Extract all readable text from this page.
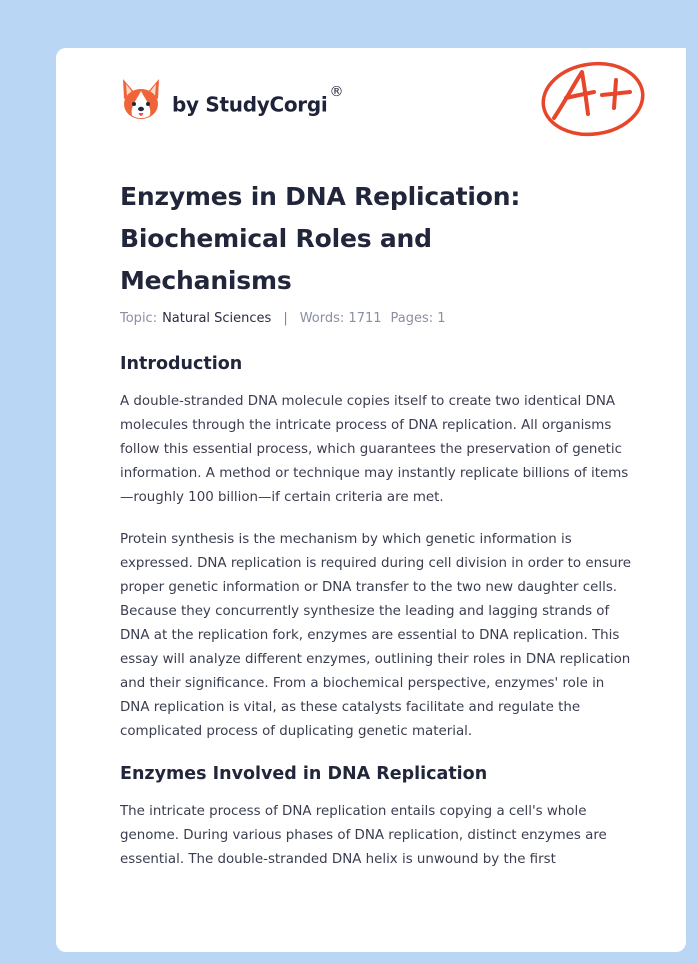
by StudyCorgi®
Enzymes in DNA Replication: Biochemical Roles and Mechanisms
Topic: Natural Sciences | Words: 1711 Pages: 1
Introduction

A double-stranded DNA molecule copies itself to create two identical DNA molecules through the intricate process of DNA replication. All organisms follow this essential process, which guarantees the preservation of genetic information. A method or technique may instantly replicate billions of items—roughly 100 billion—if certain criteria are met.

Protein synthesis is the mechanism by which genetic information is expressed. DNA replication is required during cell division in order to ensure proper genetic information or DNA transfer to the two new daughter cells. Because they concurrently synthesize the leading and lagging strands of DNA at the replication fork, enzymes are essential to DNA replication. This essay will analyze different enzymes, outlining their roles in DNA replication and their significance. From a biochemical perspective, enzymes' role in DNA replication is vital, as these catalysts facilitate and regulate the complicated process of duplicating genetic material.

Enzymes Involved in DNA Replication

The intricate process of DNA replication entails copying a cell's whole genome. During various phases of DNA replication, distinct enzymes are essential. The double-stranded DNA helix is unwound by the first
